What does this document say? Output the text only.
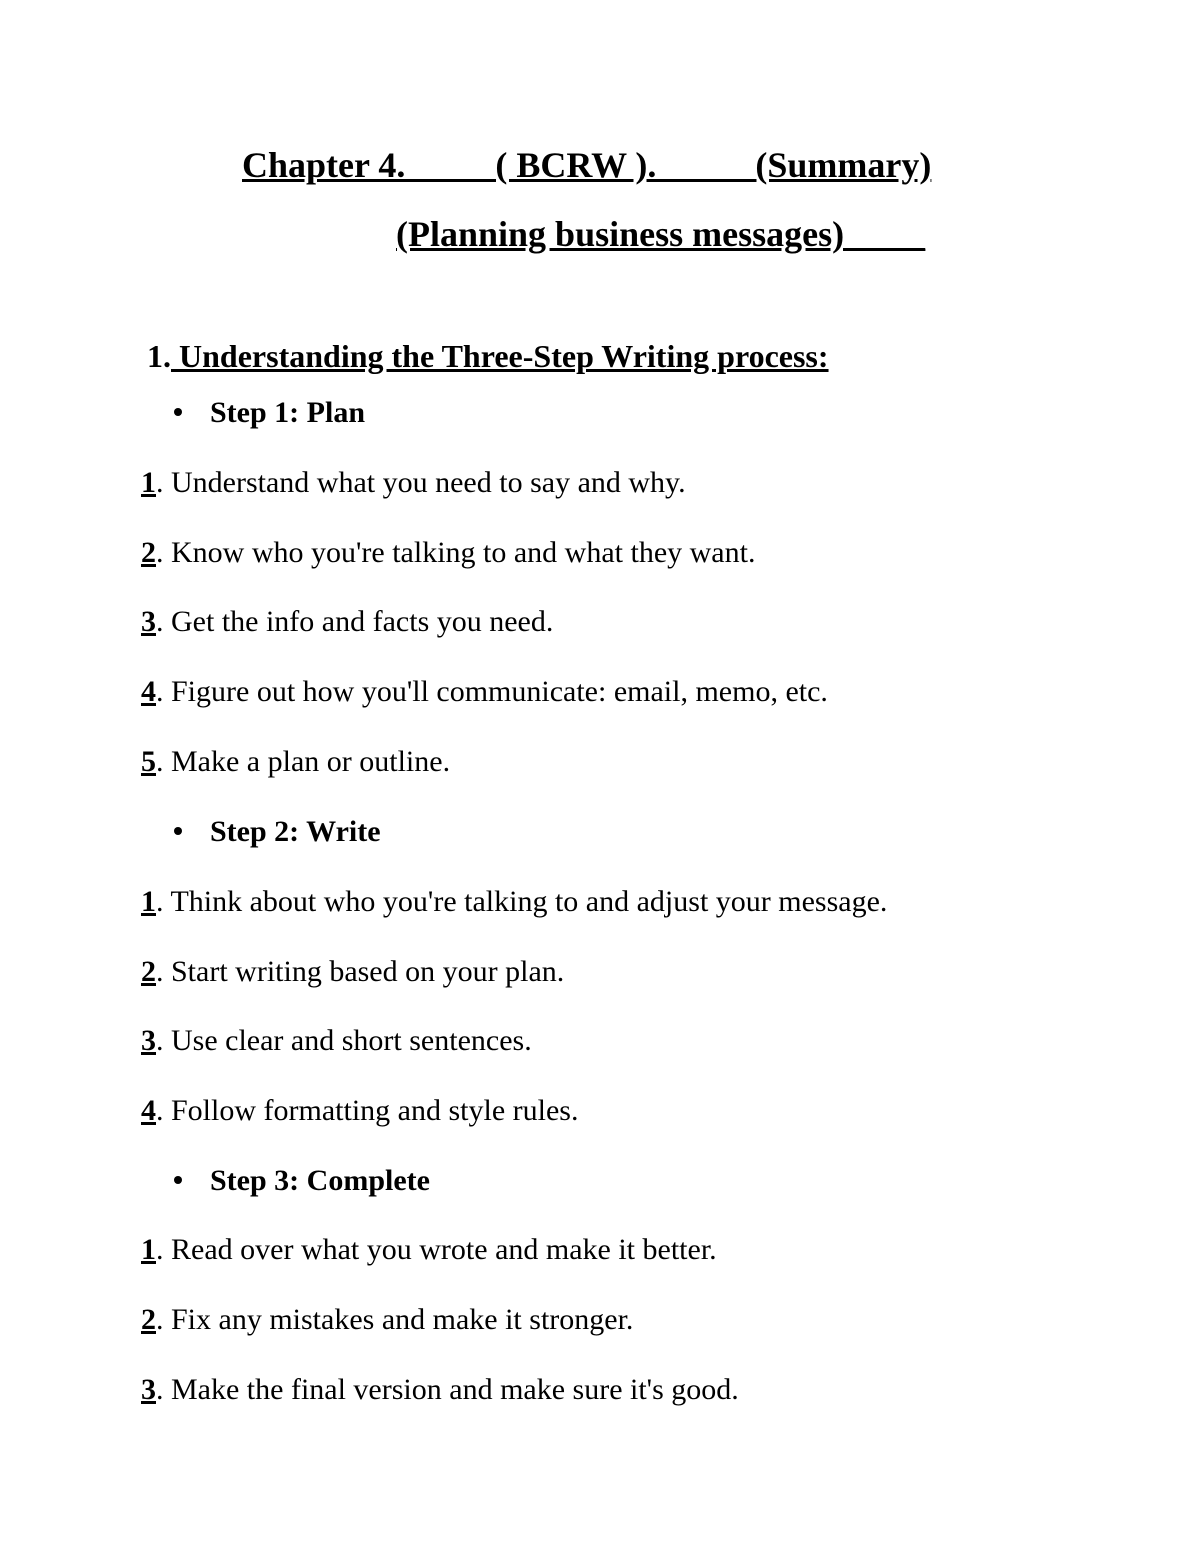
Chapter 4.          ( BCRW ).           (Summary)
(Planning business messages)       _
1. Understanding the Three-Step Writing process:
Step 1: Plan
1. Understand what you need to say and why.
2. Know who you're talking to and what they want.
3. Get the info and facts you need.
4. Figure out how you'll communicate: email, memo, etc.
5. Make a plan or outline.
Step 2: Write
1. Think about who you're talking to and adjust your message.
2. Start writing based on your plan.
3. Use clear and short sentences.
4. Follow formatting and style rules.
Step 3: Complete
1. Read over what you wrote and make it better.
2. Fix any mistakes and make it stronger.
3. Make the final version and make sure it's good.
